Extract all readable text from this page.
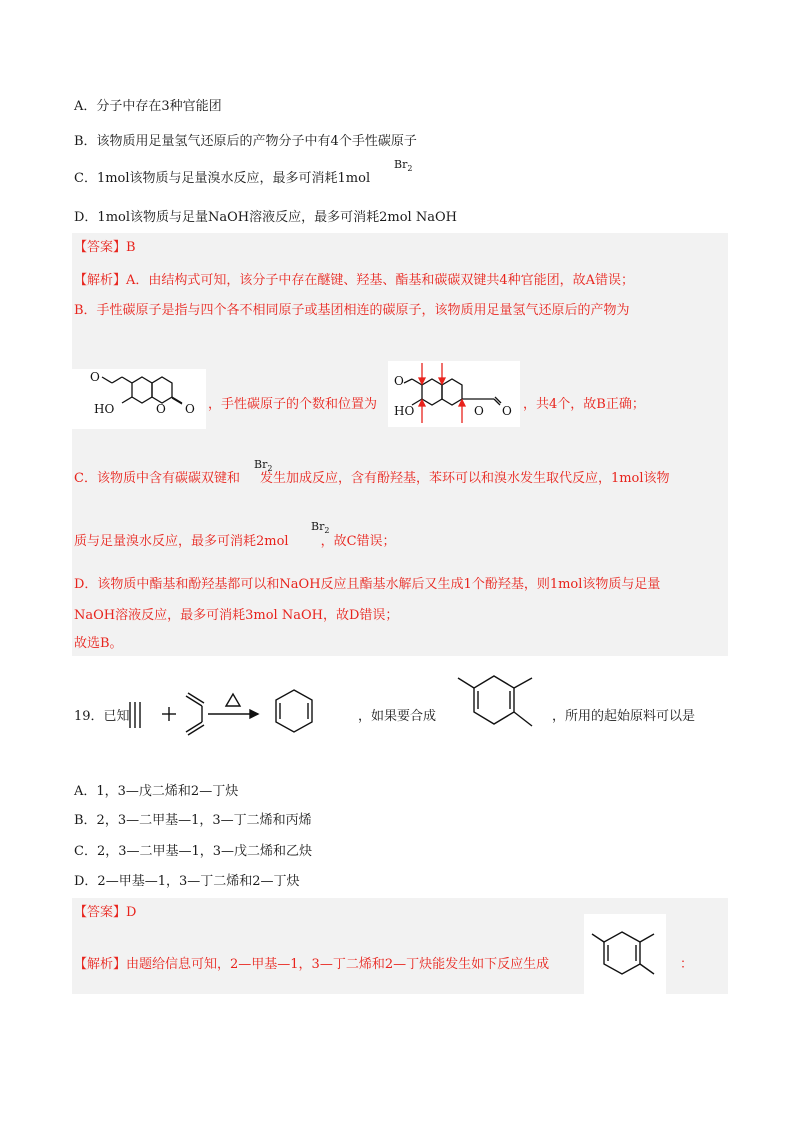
A．分子中存在3种官能团
B．该物质用足量氢气还原后的产物分子中有4个手性碳原子
C．1mol该物质与足量溴水反应，最多可消耗1mol
$Br_2$
D．1mol该物质与足量NaOH溶液反应，最多可消耗2mol NaOH
O
HO	O O
O
HO	O O
【答案】B
【解析】A．由结构式可知，该分子中存在醚键、羟基、酯基和碳碳双键共4种官能团，故A错误；
B．手性碳原子是指与四个各不相同原子或基团相连的碳原子，该物质用足量氢气还原后的产物为
，手性碳原子的个数和位置为	，共4个，故B正确；
C．该物质中含有碳碳双键和 发生加成反应，含有酚羟基，苯环可以和溴水发生取代反应，1mol该物
$Br_2$
质与足量溴水反应，最多可消耗2mol ，故C错误；
$Br_2$
D．该物质中酯基和酚羟基都可以和NaOH反应且酯基水解后又生成1个酚羟基，则1mol该物质与足量
NaOH溶液反应，最多可消耗3mol NaOH，故D错误；
故选B。
19．已知	，如果要合成	，所用的起始原料可以是
A．1，3—戊二烯和2—丁炔
B．2，3—二甲基—1，3—丁二烯和丙烯
C．2，3—二甲基—1，3—戊二烯和乙炔
D．2—甲基—1，3—丁二烯和2—丁炔
【答案】D
【解析】由题给信息可知，2—甲基—1，3—丁二烯和2—丁炔能发生如下反应生成	：
